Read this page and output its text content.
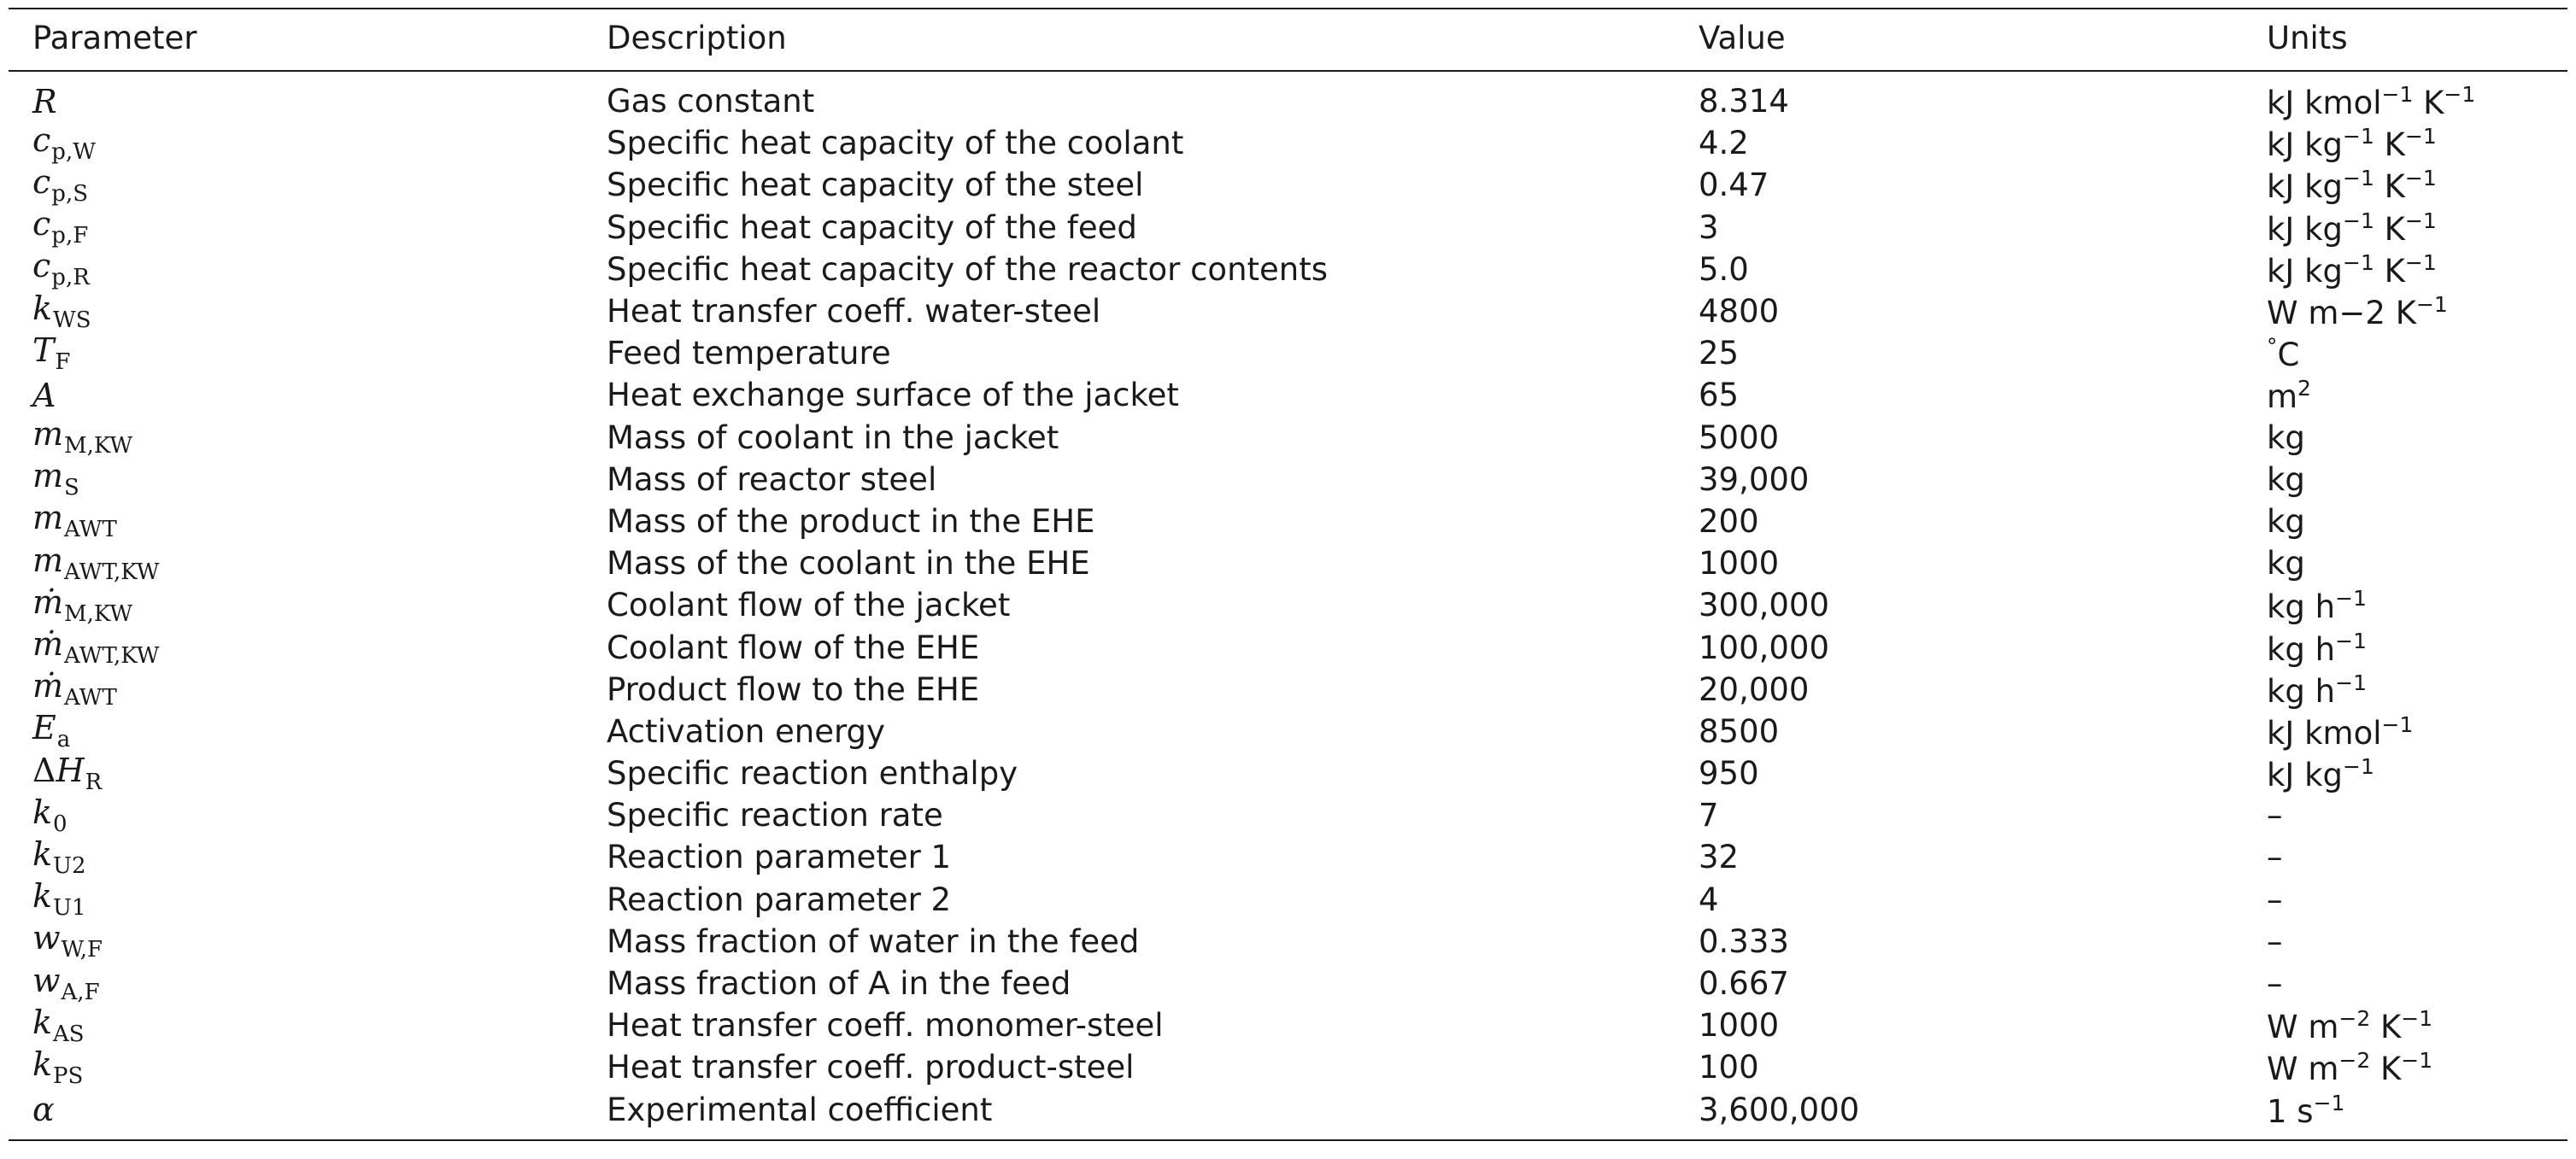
Parameter	Description	Value	Units
R	Gas constant	8.314	kJ kmol$^{-1}$ $K^{-1}$
$c_{p,W}$	Specific heat capacity of the coolant	4.2	kJ $kg^{-1}$ $K^{-1}$
$c_{p,S}$	Specific heat capacity of the steel	0.47	kJ $kg^{-1}$ $K^{-1}$
$c_{p,F}$	Specific heat capacity of the feed	3	kJ $kg^{-1}$ $K^{-1}$
$c_{p,R}$	Specific heat capacity of the reactor contents	5.0	kJ $kg^{-1}$ $K^{-1}$
$k_{WS}$	Heat transfer coeff. water-steel	4800	W m−2 $K^{-1}$
$T_F$	Feed temperature	25	°C
A	Heat exchange surface of the jacket	65	$m^2$
$m_{M,KW}$	Mass of coolant in the jacket	5000	kg
$m_S$	Mass of reactor steel	39,000	kg
$m_{AWT}$	Mass of the product in the EHE	200	kg
$m_{AWT,KW}$	Mass of the coolant in the EHE	1000	kg
ṁ$_{M,KW}$	Coolant flow of the jacket	300,000	kg $h^{-1}$
ṁ$_{AWT,KW}$	Coolant flow of the EHE	100,000	kg $h^{-1}$
ṁ$_{AWT}$	Product flow to the EHE	20,000	kg $h^{-1}$
$E_a$	Activation energy	8500	kJ kmol$^{-1}$
$\Delta H_R$	Specific reaction enthalpy	950	kJ $kg^{-1}$
$k_0$	Specific reaction rate	7	–
$k_{U2}$	Reaction parameter 1	32	–
$k_{U1}$	Reaction parameter 2	4	–
$w_{W,F}$	Mass fraction of water in the feed	0.333	–
$w_{A,F}$	Mass fraction of A in the feed	0.667	–
$k_{AS}$	Heat transfer coeff. monomer-steel	1000	W $m^{-2}$ $K^{-1}$
$k_{PS}$	Heat transfer coeff. product-steel	100	W $m^{-2}$ $K^{-1}$
α	Experimental coefficient	3,600,000	1 $s^{-1}$
